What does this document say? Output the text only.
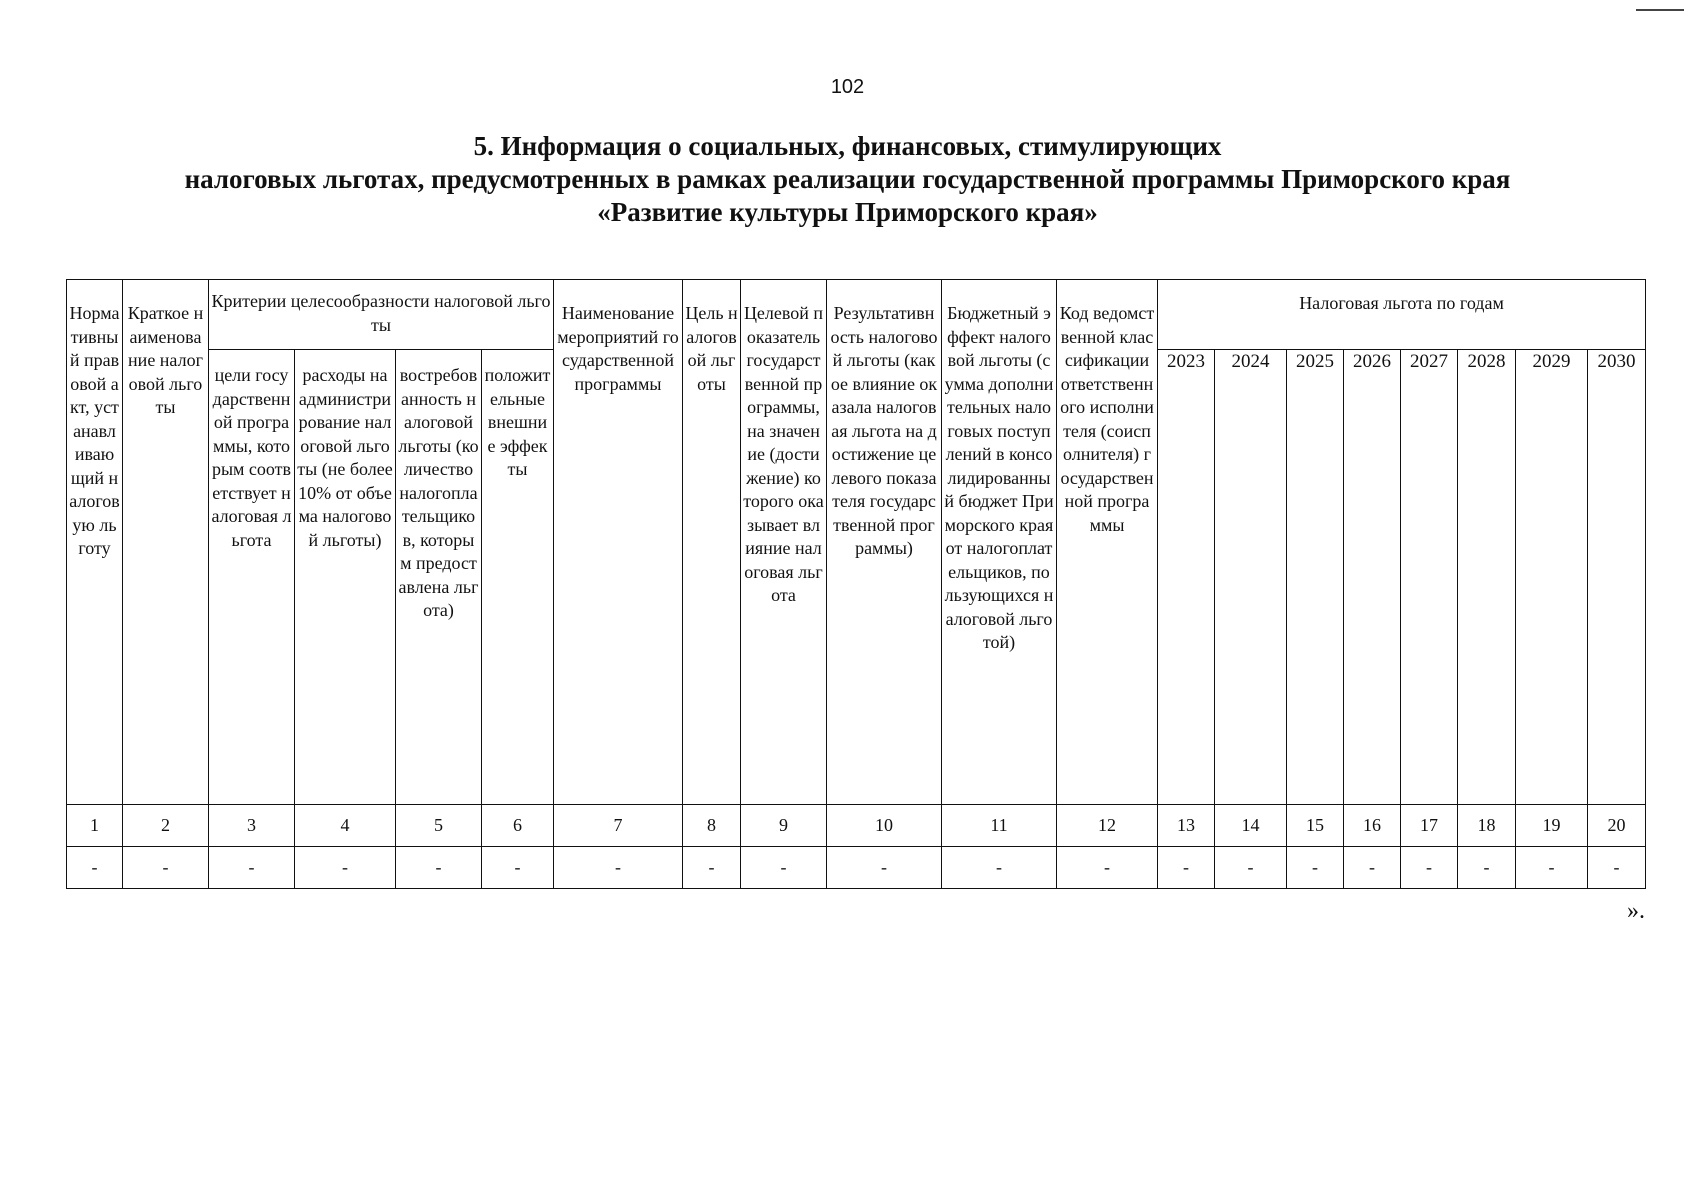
102
5. Информация о социальных, финансовых, стимулирующих
налоговых льготах, предусмотренных в рамках реализации государственной программы Приморского края
«Развитие культуры Приморского края»
Нормативный правовой акт, устанавливающий налоговую льготу	Краткое наименование налоговой льготы	Критерии целесообразности налоговой льготы				Наименование мероприятий государственной программы	Цель налоговой льготы	Целевой показатель государственной программы, на значение (достижение) которого оказывает влияние налоговая льгота	Результативность налоговой льготы (какое влияние оказала налоговая льгота на достижение целевого показателя государственной программы)	Бюджетный эффект налоговой льготы (сумма дополнительных налоговых поступлений в консолидированный бюджет Приморского края от налогоплательщиков, пользующихся налоговой льготой)	Код ведомственной классификации ответственного исполнителя (соисполнителя) государственной программы	Налоговая льгота по годам							
		цели государственной программы, которым соответствует налоговая льгота	расходы на администрирование налоговой льготы (не более 10% от объема налоговой льготы)	востребованность налоговой льготы (количество налогоплательщиков, которым предоставлена льгота)	положительные внешние эффекты							2023	2024	2025	2026	2027	2028	2029	2030
1	2	3	4	5	6	7	8	9	10	11	12	13	14	15	16	17	18	19	20
-	-	-	-	-	-	-	-	-	-	-	-	-	-	-	-	-	-	-	-
».
